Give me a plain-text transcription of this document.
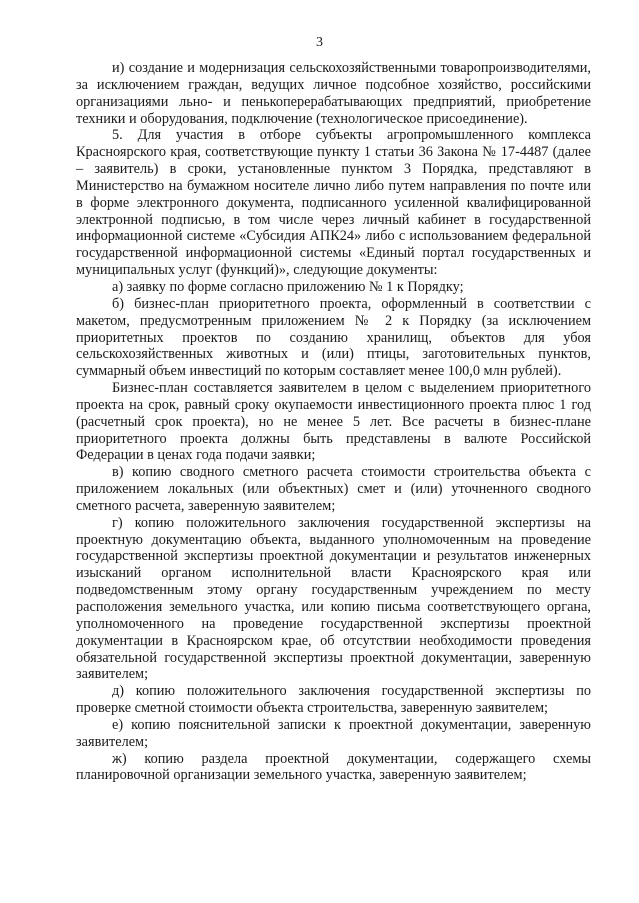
3

и) создание и модернизация сельскохозяйственными товаропроизводителями, за исключением граждан, ведущих личное подсобное хозяйство, российскими организациями льно- и пенькоперерабатывающих предприятий, приобретение техники и оборудования, подключение (технологическое присоединение).

5. Для участия в отборе субъекты агропромышленного комплекса Красноярского края, соответствующие пункту 1 статьи 36 Закона № 17-4487 (далее – заявитель) в сроки, установленные пунктом 3 Порядка, представляют в Министерство на бумажном носителе лично либо путем направления по почте или в форме электронного документа, подписанного усиленной квалифицированной электронной подписью, в том числе через личный кабинет в государственной информационной системе «Субсидия АПК24» либо с использованием федеральной государственной информационной системы «Единый портал государственных и муниципальных услуг (функций)», следующие документы:

а) заявку по форме согласно приложению № 1 к Порядку;

б) бизнес-план приоритетного проекта, оформленный в соответствии с макетом, предусмотренным приложением № 2 к Порядку (за исключением приоритетных проектов по созданию хранилищ, объектов для убоя сельскохозяйственных животных и (или) птицы, заготовительных пунктов, суммарный объем инвестиций по которым составляет менее 100,0 млн рублей).

Бизнес-план составляется заявителем в целом с выделением приоритетного проекта на срок, равный сроку окупаемости инвестиционного проекта плюс 1 год (расчетный срок проекта), но не менее 5 лет. Все расчеты в бизнес-плане приоритетного проекта должны быть представлены в валюте Российской Федерации в ценах года подачи заявки;

в) копию сводного сметного расчета стоимости строительства объекта с приложением локальных (или объектных) смет и (или) уточненного сводного сметного расчета, заверенную заявителем;

г) копию положительного заключения государственной экспертизы на проектную документацию объекта, выданного уполномоченным на проведение государственной экспертизы проектной документации и результатов инженерных изысканий органом исполнительной власти Красноярского края или подведомственным этому органу государственным учреждением по месту расположения земельного участка, или копию письма соответствующего органа, уполномоченного на проведение государственной экспертизы проектной документации в Красноярском крае, об отсутствии необходимости проведения обязательной государственной экспертизы проектной документации, заверенную заявителем;

д) копию положительного заключения государственной экспертизы по проверке сметной стоимости объекта строительства, заверенную заявителем;

е) копию пояснительной записки к проектной документации, заверенную заявителем;

ж) копию раздела проектной документации, содержащего схемы планировочной организации земельного участка, заверенную заявителем;
